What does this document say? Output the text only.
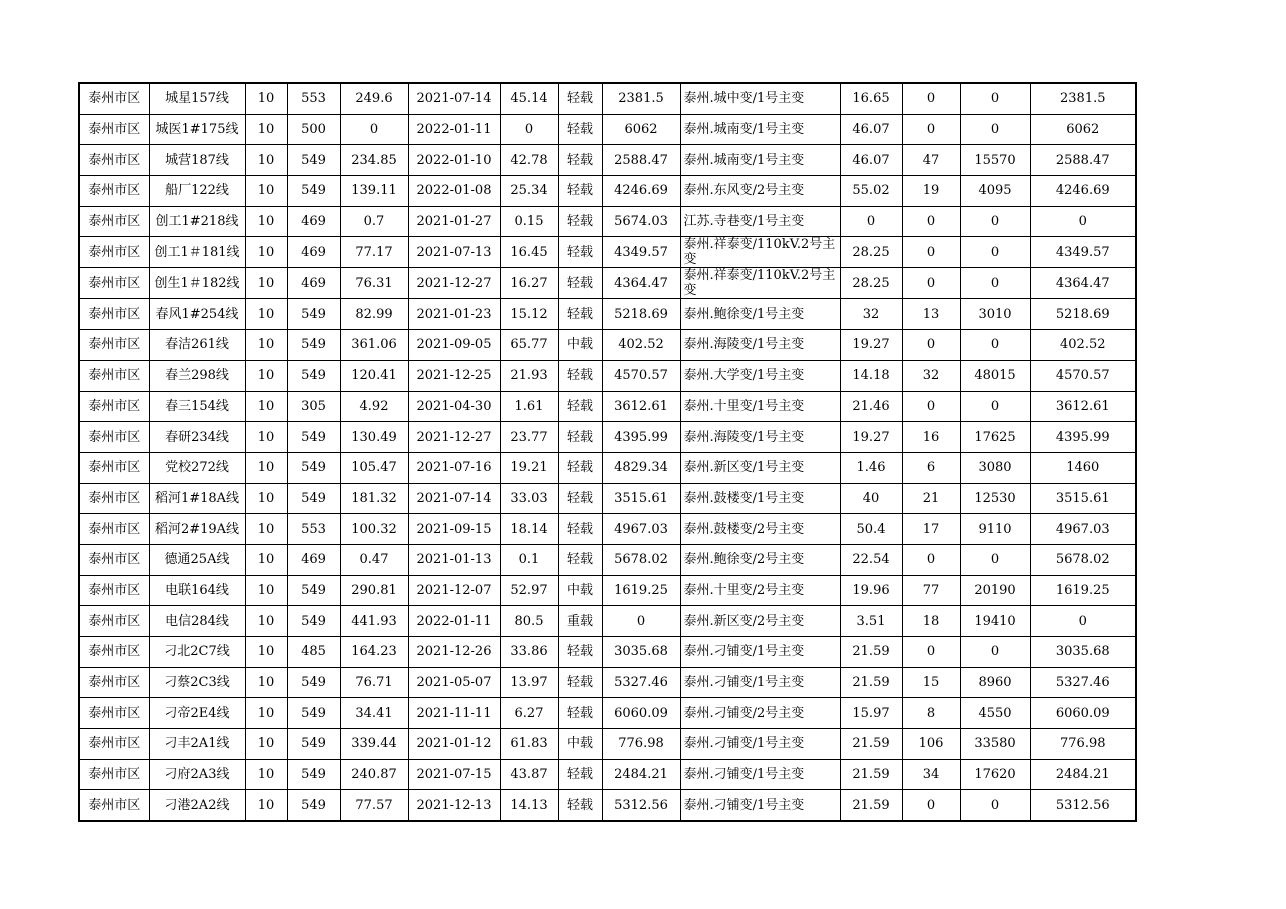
泰州市区	城星157线	10	553	249.6	2021-07-14	45.14	轻载	2381.5	泰州.城中变/1号主变	16.65	0	0	2381.5
泰州市区	城医1#175线	10	500	0	2022-01-11	0	轻载	6062	泰州.城南变/1号主变	46.07	0	0	6062
泰州市区	城营187线	10	549	234.85	2022-01-10	42.78	轻载	2588.47	泰州.城南变/1号主变	46.07	47	15570	2588.47
泰州市区	船厂122线	10	549	139.11	2022-01-08	25.34	轻载	4246.69	泰州.东风变/2号主变	55.02	19	4095	4246.69
泰州市区	创工1#218线	10	469	0.7	2021-01-27	0.15	轻载	5674.03	江苏.寺巷变/1号主变	0	0	0	0
泰州市区	创工1＃181线	10	469	77.17	2021-07-13	16.45	轻载	4349.57	泰州.祥泰变/110kV.2号主变	28.25	0	0	4349.57
泰州市区	创生1＃182线	10	469	76.31	2021-12-27	16.27	轻载	4364.47	泰州.祥泰变/110kV.2号主变	28.25	0	0	4364.47
泰州市区	春风1#254线	10	549	82.99	2021-01-23	15.12	轻载	5218.69	泰州.鲍徐变/1号主变	32	13	3010	5218.69
泰州市区	春洁261线	10	549	361.06	2021-09-05	65.77	中载	402.52	泰州.海陵变/1号主变	19.27	0	0	402.52
泰州市区	春兰298线	10	549	120.41	2021-12-25	21.93	轻载	4570.57	泰州.大学变/1号主变	14.18	32	48015	4570.57
泰州市区	春三154线	10	305	4.92	2021-04-30	1.61	轻载	3612.61	泰州.十里变/1号主变	21.46	0	0	3612.61
泰州市区	春研234线	10	549	130.49	2021-12-27	23.77	轻载	4395.99	泰州.海陵变/1号主变	19.27	16	17625	4395.99
泰州市区	党校272线	10	549	105.47	2021-07-16	19.21	轻载	4829.34	泰州.新区变/1号主变	1.46	6	3080	1460
泰州市区	稻河1#18A线	10	549	181.32	2021-07-14	33.03	轻载	3515.61	泰州.鼓楼变/1号主变	40	21	12530	3515.61
泰州市区	稻河2#19A线	10	553	100.32	2021-09-15	18.14	轻载	4967.03	泰州.鼓楼变/2号主变	50.4	17	9110	4967.03
泰州市区	德通25A线	10	469	0.47	2021-01-13	0.1	轻载	5678.02	泰州.鲍徐变/2号主变	22.54	0	0	5678.02
泰州市区	电联164线	10	549	290.81	2021-12-07	52.97	中载	1619.25	泰州.十里变/2号主变	19.96	77	20190	1619.25
泰州市区	电信284线	10	549	441.93	2022-01-11	80.5	重载	0	泰州.新区变/2号主变	3.51	18	19410	0
泰州市区	刁北2C7线	10	485	164.23	2021-12-26	33.86	轻载	3035.68	泰州.刁铺变/1号主变	21.59	0	0	3035.68
泰州市区	刁蔡2C3线	10	549	76.71	2021-05-07	13.97	轻载	5327.46	泰州.刁铺变/1号主变	21.59	15	8960	5327.46
泰州市区	刁帝2E4线	10	549	34.41	2021-11-11	6.27	轻载	6060.09	泰州.刁铺变/2号主变	15.97	8	4550	6060.09
泰州市区	刁丰2A1线	10	549	339.44	2021-01-12	61.83	中载	776.98	泰州.刁铺变/1号主变	21.59	106	33580	776.98
泰州市区	刁府2A3线	10	549	240.87	2021-07-15	43.87	轻载	2484.21	泰州.刁铺变/1号主变	21.59	34	17620	2484.21
泰州市区	刁港2A2线	10	549	77.57	2021-12-13	14.13	轻载	5312.56	泰州.刁铺变/1号主变	21.59	0	0	5312.56
